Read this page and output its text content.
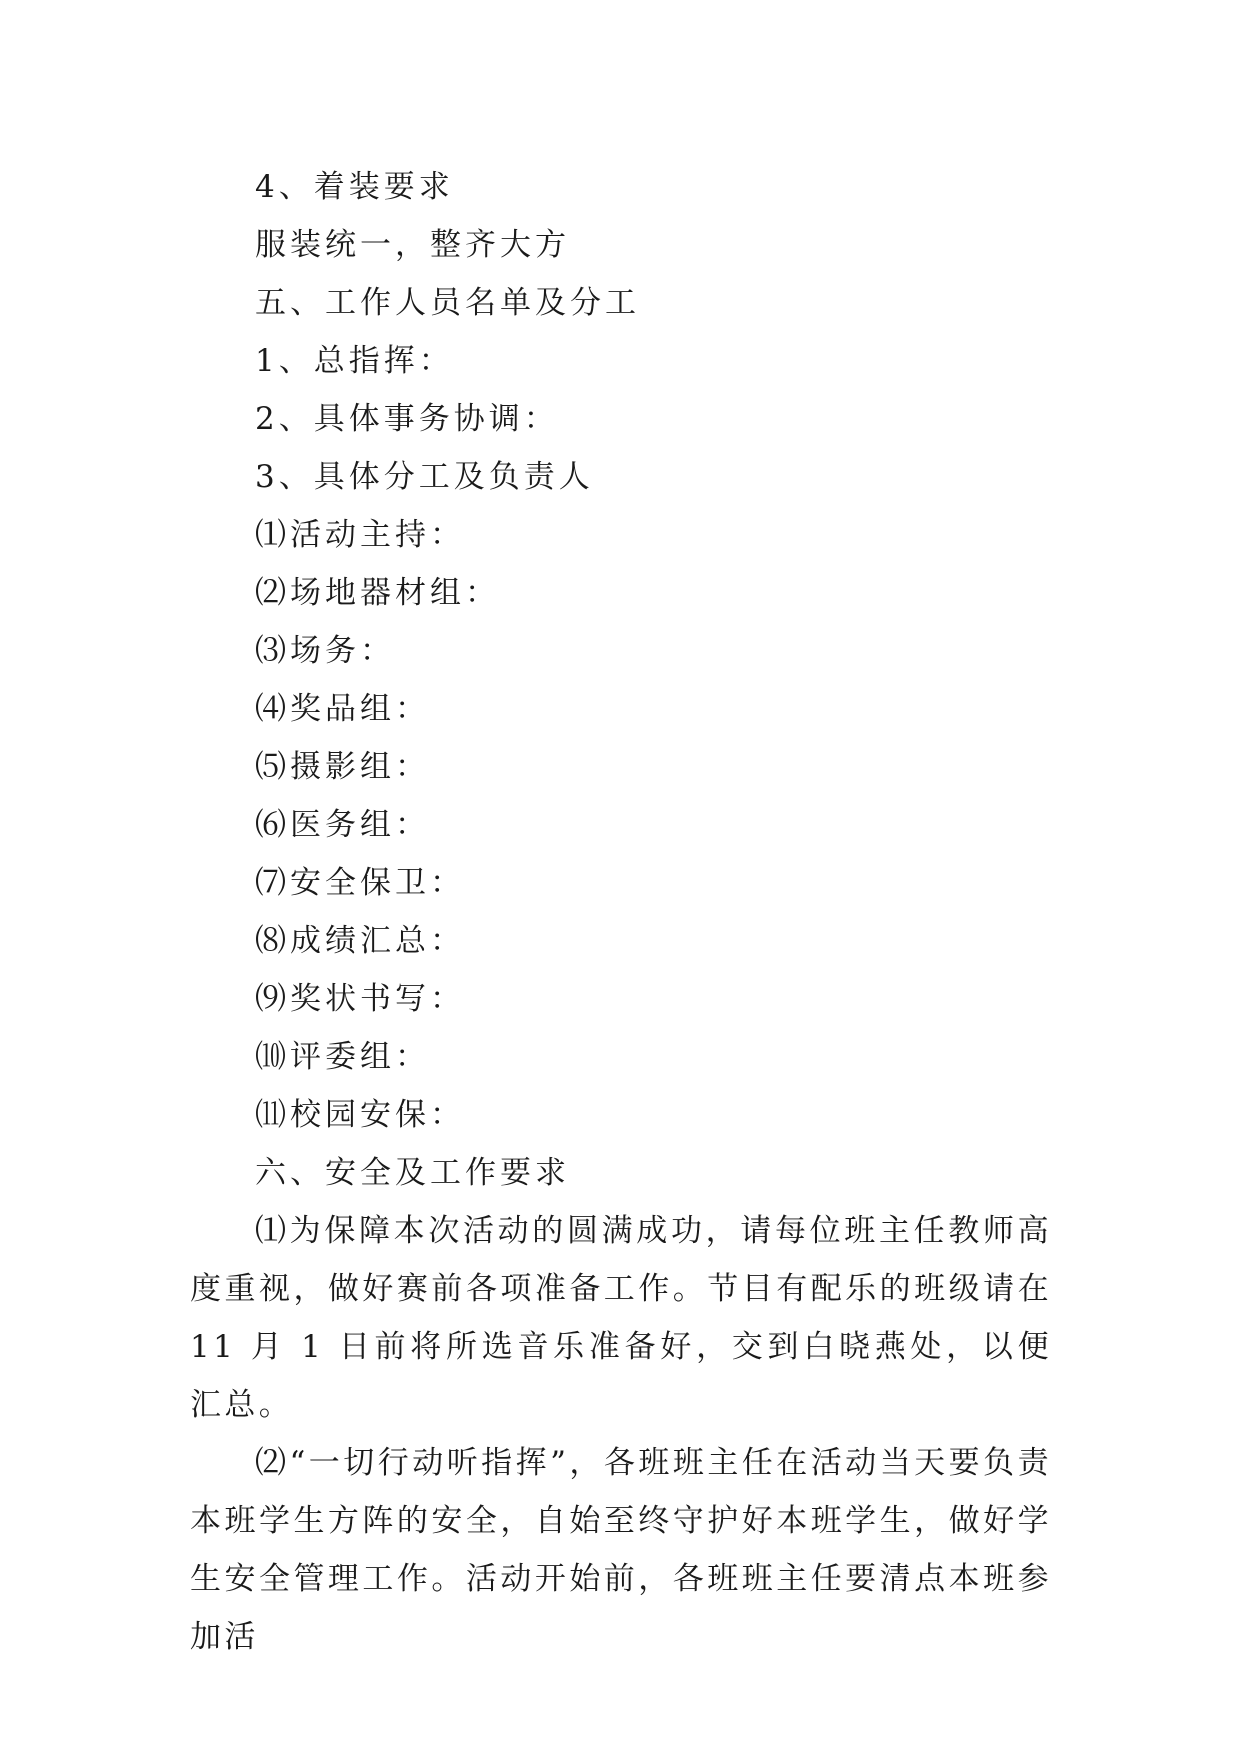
4、着装要求
服装统一，整齐大方
五、工作人员名单及分工
1、总指挥：
2、具体事务协调：
3、具体分工及负责人
⑴活动主持：
⑵场地器材组：
⑶场务：
⑷奖品组：
⑸摄影组：
⑹医务组：
⑺安全保卫：
⑻成绩汇总：
⑼奖状书写：
⑽评委组：
⑾校园安保：
六、安全及工作要求

⑴为保障本次活动的圆满成功，请每位班主任教师高度重视，做好赛前各项准备工作。节目有配乐的班级请在 11 月 1 日前将所选音乐准备好，交到白晓燕处，以便汇总。

⑵“一切行动听指挥”，各班班主任在活动当天要负责本班学生方阵的安全，自始至终守护好本班学生，做好学生安全管理工作。活动开始前，各班班主任要清点本班参加活
